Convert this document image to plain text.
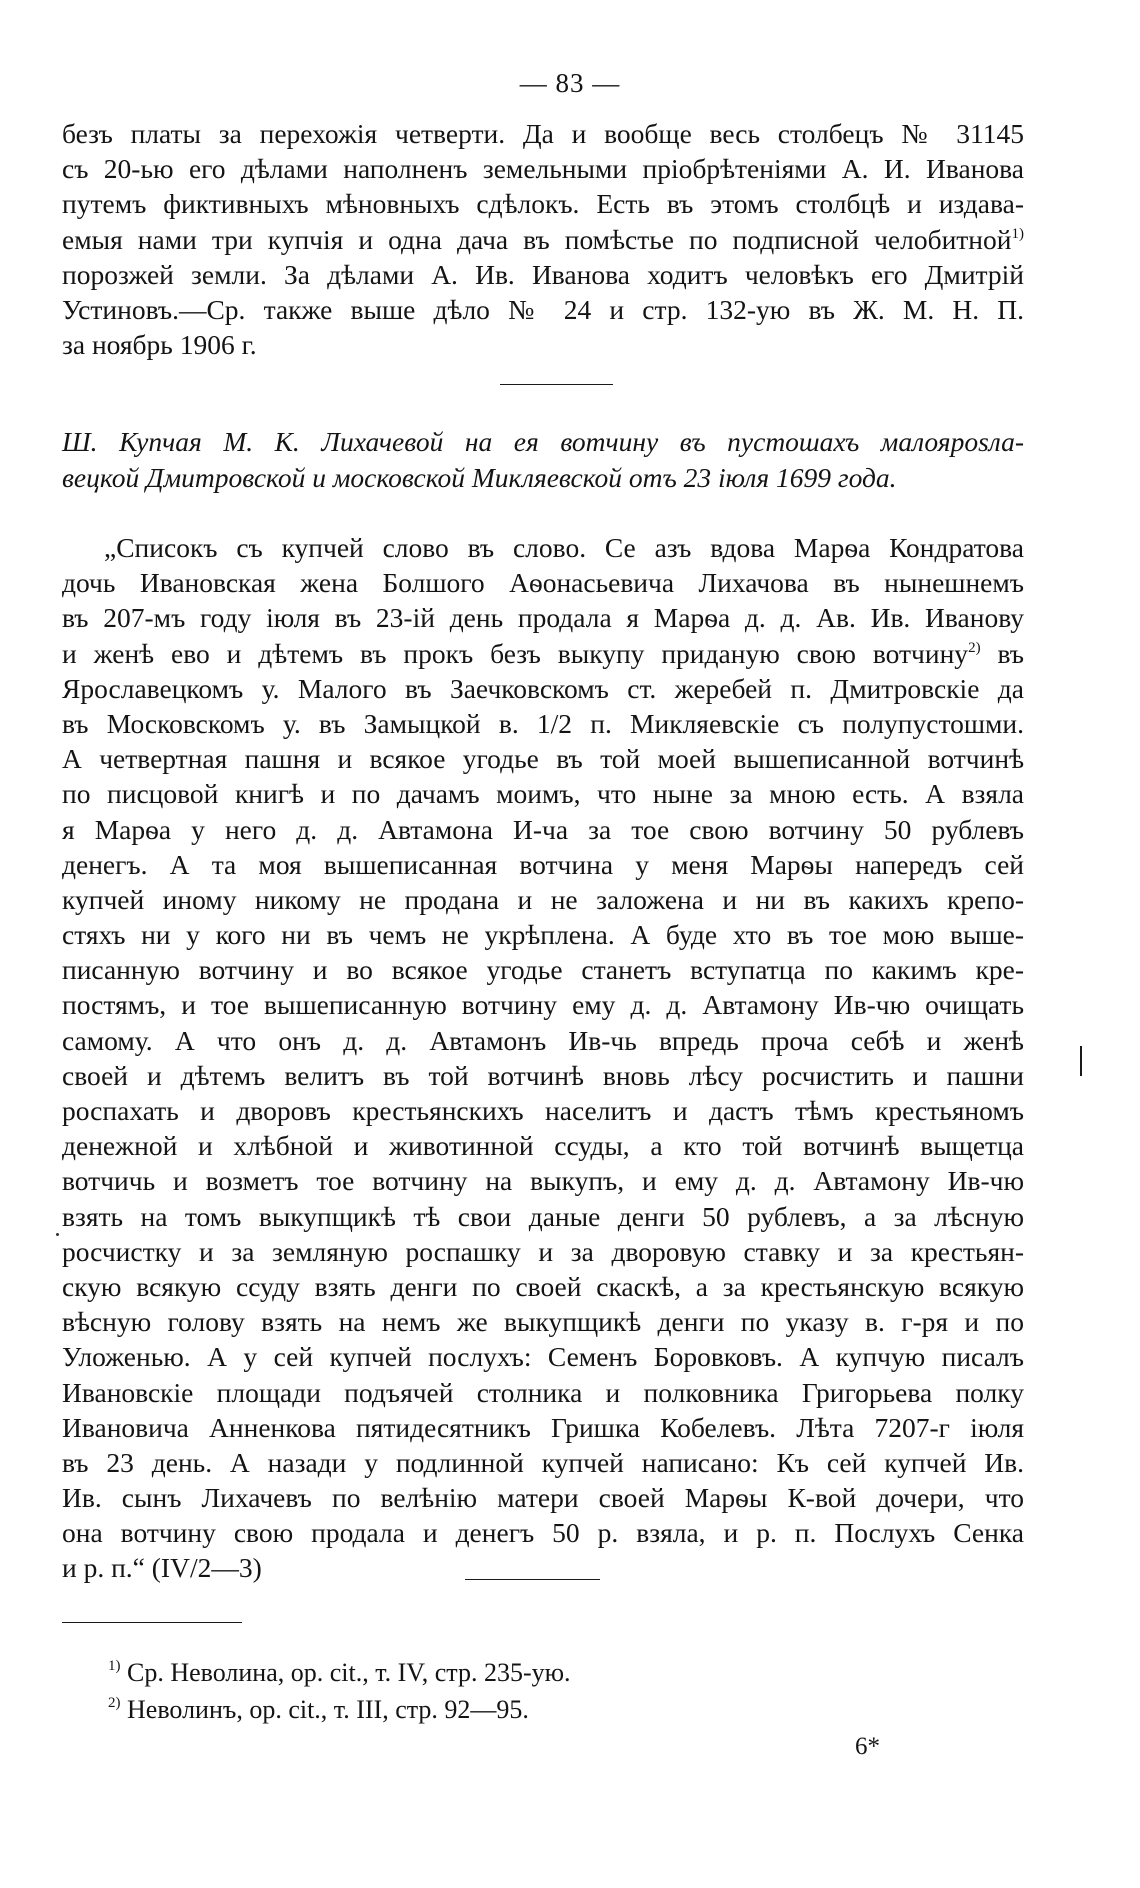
— 83 —
безъ платы за перехожія четверти. Да и вообще весь столбецъ № 31145
съ 20-ью его дѣлами наполненъ земельными пріобрѣтеніями А. И. Иванова
путемъ фиктивныхъ мѣновныхъ сдѣлокъ. Есть въ этомъ столбцѣ и издава-
емыя нами три купчія и одна дача въ помѣстье по подписной челобитной$^{1)}$
порозжей земли. За дѣлами А. Ив. Иванова ходитъ человѣкъ его Дмитрій
Устиновъ.—Ср. также выше дѣло № 24 и стр. 132-ую въ Ж. М. Н. П.
за ноябрь 1906 г.
Ш. Купчая М. К. Лихачевой на ея вотчину въ пустошахъ малоярosла-
вецкой Дмитровской и московской Микляевской отъ 23 іюля 1699 года.
„Списокъ съ купчей слово въ слово. Се азъ вдова Марѳа Кондратова
дочь Ивановская жена Болшого Аѳонасьевича Лихачова въ нынешнемъ
въ 207-мъ году іюля въ 23-ій день продала я Марѳа д. д. Ав. Ив. Иванову
и женѣ ево и дѣтемъ въ прокъ безъ выкупу приданую свою вотчину$^{2)}$ въ
Ярославецкомъ у. Малого въ Заечковскомъ ст. жеребей п. Дмитровскіе да
въ Московскомъ у. въ Замыцкой в. 1/2 п. Микляевскіе съ полупустошми.
А четвертная пашня и всякое угодье въ той моей вышеписанной вотчинѣ
по писцовой книгѣ и по дачамъ моимъ, что ныне за мною есть. А взяла
я Марѳа у него д. д. Автамона И-ча за тое свою вотчину 50 рублевъ
денегъ. А та моя вышеписанная вотчина у меня Марѳы напередъ сей
купчей иному никому не продана и не заложена и ни въ какихъ крепо-
стяхъ ни у кого ни въ чемъ не укрѣплена. А буде хто въ тое мою выше-
писанную вотчину и во всякое угодье станетъ вступатца по какимъ кре-
постямъ, и тое вышеписанную вотчину ему д. д. Автамону Ив-чю очищать
самому. А что онъ д. д. Автамонъ Ив-чь впредь проча себѣ и женѣ
своей и дѣтемъ велитъ въ той вотчинѣ вновь лѣсу росчистить и пашни
роспахать и дворовъ крестьянскихъ населитъ и дастъ тѣмъ крестьяномъ
денежной и хлѣбной и животинной ссуды, а кто той вотчинѣ выщетца
вотчичь и возметъ тое вотчину на выкупъ, и ему д. д. Автамону Ив-чю
взять на томъ выкупщикѣ тѣ свои даные денги 50 рублевъ, а за лѣсную
росчистку и за земляную роспашку и за дворовую ставку и за крестьян-
скую всякую ссуду взять денги по своей скаскѣ, а за крестьянскую всякую
вѣсную голову взять на немъ же выкупщикѣ денги по указу в. г-ря и по
Уложенью. А у сей купчей послухъ: Семенъ Боровковъ. А купчую писалъ
Ивановскіе площади подъячей столника и полковника Григорьева полку
Ивановича Анненкова пятидесятникъ Гришка Кобелевъ. Лѣта 7207-г іюля
въ 23 день. А назади у подлинной купчей написано: Къ сей купчей Ив.
Ив. сынъ Лихачевъ по велѣнію матери своей Марѳы К-вой дочери, что
она вотчину свою продала и денегъ 50 р. взяла, и р. п. Послухъ Сенка
и р. п.“ (IV/2—3)
$^{1)}$ Ср. Неволина, op. cit., т. IV, стр. 235-ую.
$^{2)}$ Неволинъ, op. cit., т. III, стр. 92—95.
6*
